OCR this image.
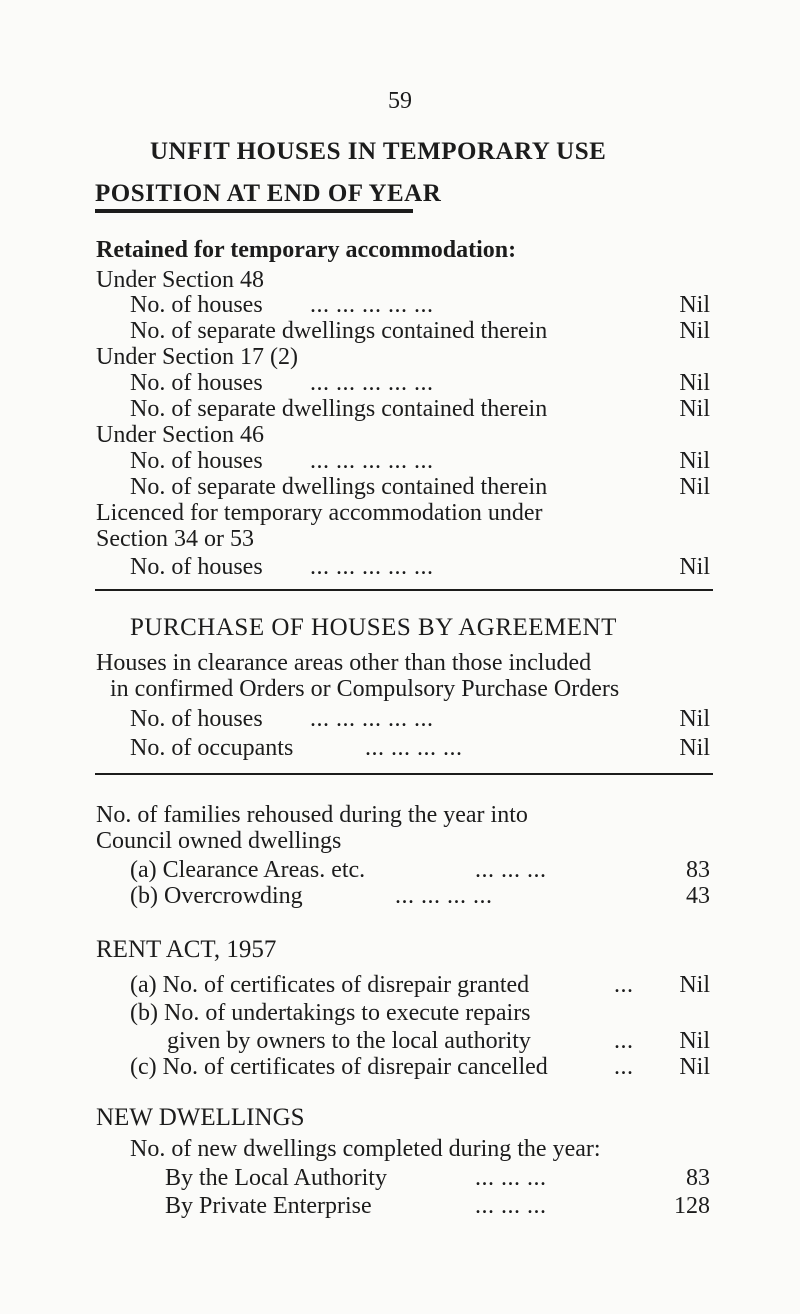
59
UNFIT HOUSES IN TEMPORARY USE
POSITION AT END OF YEAR
Retained for temporary accommodation:
Under Section 48
No. of houses ... ... ... ... ...	Nil
No. of separate dwellings contained therein	Nil
Under Section 17 (2)
No. of houses ... ... ... ... ...	Nil
No. of separate dwellings contained therein	Nil
Under Section 46
No. of houses ... ... ... ... ...	Nil
No. of separate dwellings contained therein	Nil
Licenced for temporary accommodation under
Section 34 or 53
No. of houses ... ... ... ... ...	Nil
PURCHASE OF HOUSES BY AGREEMENT
Houses in clearance areas other than those included
in confirmed Orders or Compulsory Purchase Orders
No. of houses ... ... ... ... ...	Nil
No. of occupants	... ... ... ...	Nil
No. of families rehoused during the year into
Council owned dwellings
(a) Clearance Areas. etc.	... ... ...	83
(b) Overcrowding	... ... ... ...	43
RENT ACT, 1957
(a) No. of certificates of disrepair granted	... Nil
(b) No. of undertakings to execute repairs
given by owners to the local authority	... Nil
(c) No. of certificates of disrepair cancelled	... Nil
NEW DWELLINGS
No. of new dwellings completed during the year:
By the Local Authority	... ... ...	83
By Private Enterprise	... ... ...	128
